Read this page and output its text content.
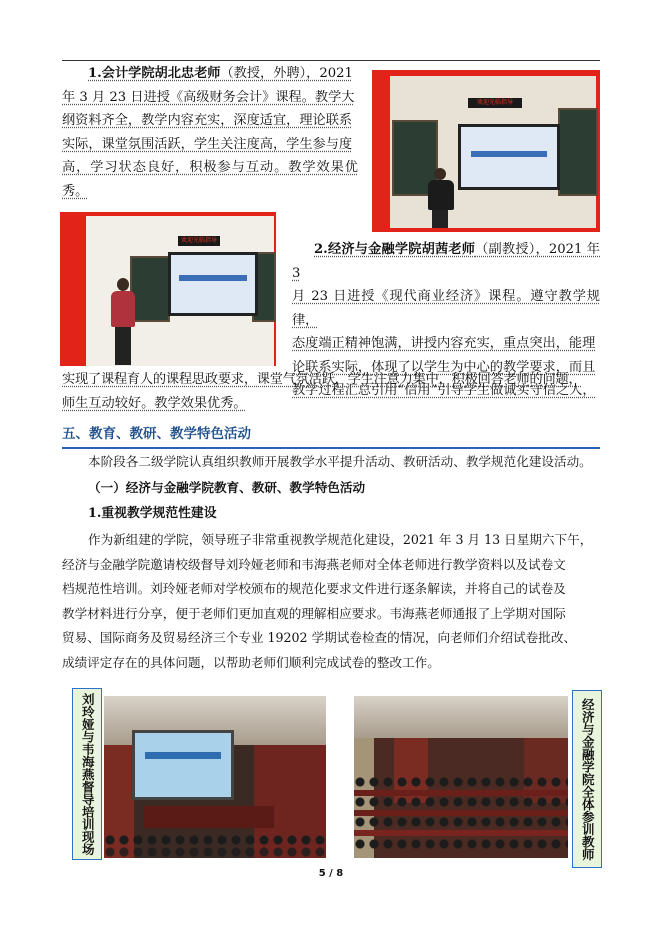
1.会计学院胡北忠老师（教授，外聘），2021
年 3 月 23 日进授《高级财务会计》课程。教学大
纲资料齐全，教学内容充实，深度适宜，理论联系
实际，课堂氛围活跃，学生关注度高，学生参与度
高，学习状态良好，积极参与互动。教学效果优秀。
欢迎光临指导
欢迎光临指导
2.经济与金融学院胡茜老师（副教授），2021 年 3
月 23 日进授《现代商业经济》课程。遵守教学规律，
态度端正精神饱满，讲授内容充实，重点突出，能理
论联系实际，体现了以学生为中心的教学要求，而且
教学过程汇总引用“信用”引导学生做诚实守信之人，
实现了课程育人的课程思政要求，课堂气氛活跃，学生注意力集中，积极回答老师的问题，
师生互动较好。教学效果优秀。
五、教育、教研、教学特色活动
本阶段各二级学院认真组织教师开展教学水平提升活动、教研活动、教学规范化建设活动。
（一）经济与金融学院教育、教研、教学特色活动
1.重视教学规范性建设
作为新组建的学院，领导班子非常重视教学规范化建设，2021 年 3 月 13 日星期六下午，
经济与金融学院邀请校级督导刘玲娅老师和韦海燕老师对全体老师进行教学资料以及试卷文
档规范性培训。刘玲娅老师对学校颁布的规范化要求文件进行逐条解读，并将自己的试卷及
教学材料进行分享，便于老师们更加直观的理解相应要求。韦海燕老师通报了上学期对国际
贸易、国际商务及贸易经济三个专业 19202 学期试卷检查的情况，向老师们介绍试卷批改、
成绩评定存在的具体问题，以帮助老师们顺利完成试卷的整改工作。
刘玲娅与韦海燕督导培训现场	经济与金融学院全体参训教师
5 / 8
